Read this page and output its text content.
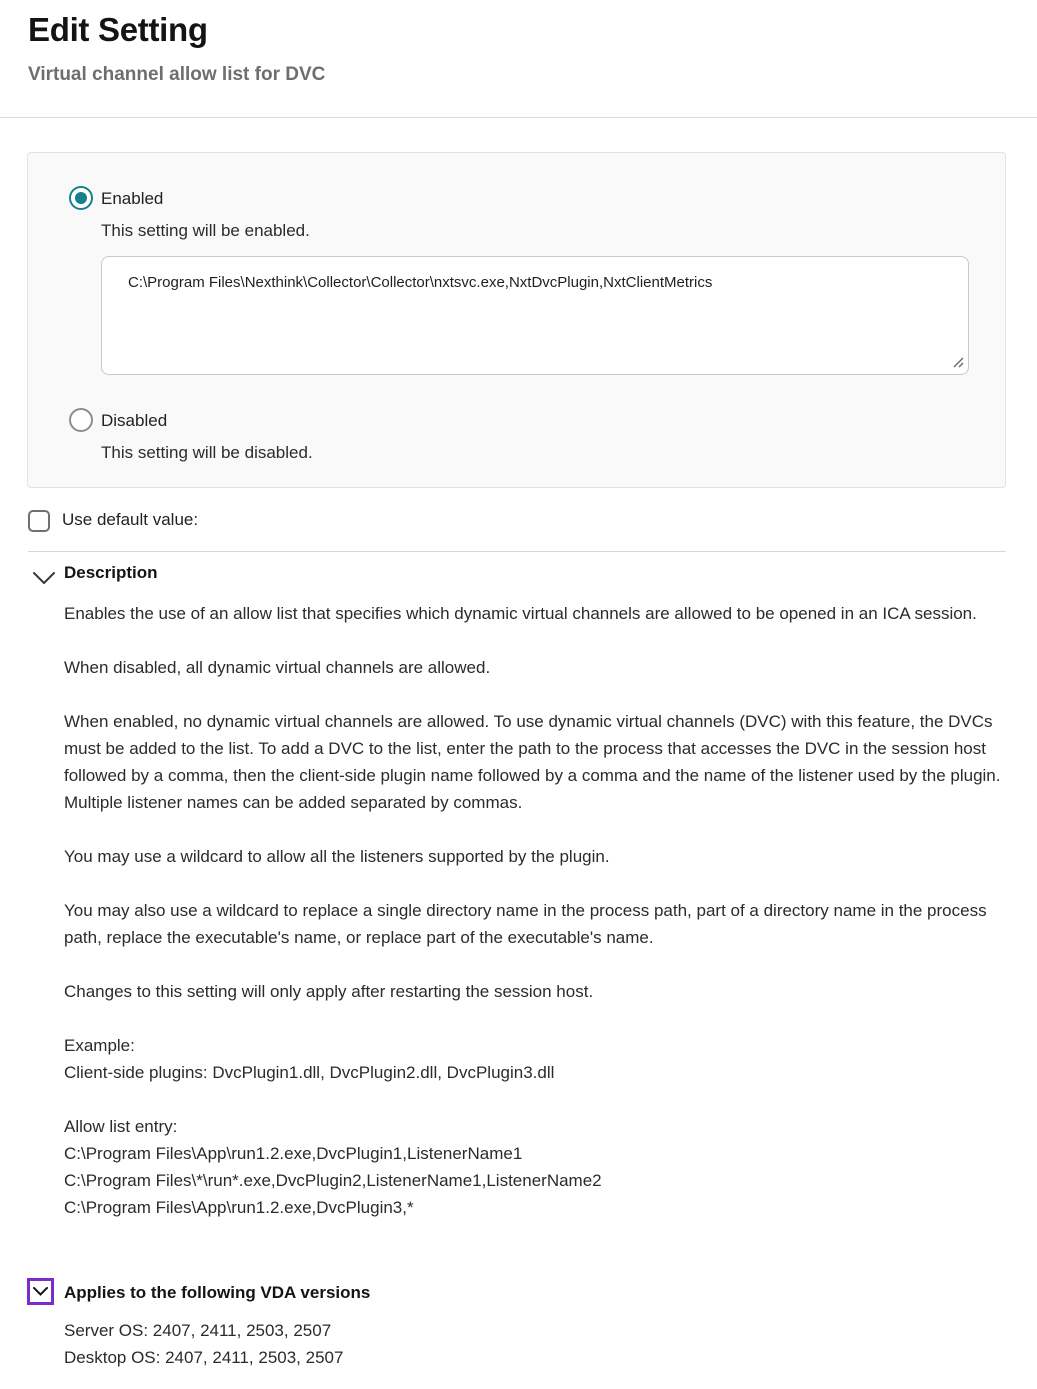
Edit Setting
Virtual channel allow list for DVC
Enabled
This setting will be enabled.
C:\Program Files\Nexthink\Collector\Collector\nxtsvc.exe,NxtDvcPlugin,NxtClientMetrics
Disabled
This setting will be disabled.
Use default value:
Description

Enables the use of an allow list that specifies which dynamic virtual channels are allowed to be opened in an ICA session.

When disabled, all dynamic virtual channels are allowed.

When enabled, no dynamic virtual channels are allowed. To use dynamic virtual channels (DVC) with this feature, the DVCs must be added to the list. To add a DVC to the list, enter the path to the process that accesses the DVC in the session host followed by a comma, then the client-side plugin name followed by a comma and the name of the listener used by the plugin. Multiple listener names can be added separated by commas.

You may use a wildcard to allow all the listeners supported by the plugin.

You may also use a wildcard to replace a single directory name in the process path, part of a directory name in the process path, replace the executable's name, or replace part of the executable's name.

Changes to this setting will only apply after restarting the session host.

Example:
Client-side plugins: DvcPlugin1.dll, DvcPlugin2.dll, DvcPlugin3.dll
Allow list entry:
C:\Program Files\App\run1.2.exe,DvcPlugin1,ListenerName1
C:\Program Files\*\run*.exe,DvcPlugin2,ListenerName1,ListenerName2
C:\Program Files\App\run1.2.exe,DvcPlugin3,*
Applies to the following VDA versions
Server OS: 2407, 2411, 2503, 2507
Desktop OS: 2407, 2411, 2503, 2507
